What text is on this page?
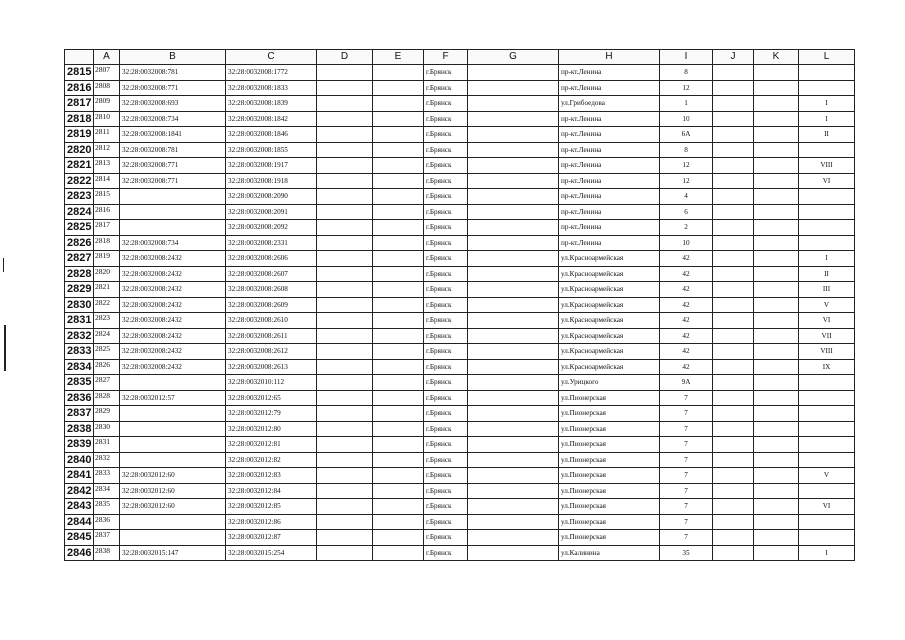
	A	B	C	D	E	F	G	H	I	J	K	L
2815	2807	32:28:0032008:781	32:28:0032008:1772			г.Брянск		пр-кт.Ленина	8			
2816	2808	32:28:0032008:771	32:28:0032008:1833			г.Брянск		пр-кт.Ленина	12			
2817	2809	32:28:0032008:693	32:28:0032008:1839			г.Брянск		ул.Грибоедова	1			I
2818	2810	32:28:0032008:734	32:28:0032008:1842			г.Брянск		пр-кт.Ленина	10			I
2819	2811	32:28:0032008:1841	32:28:0032008:1846			г.Брянск		пр-кт.Ленина	6А			II
2820	2812	32:28:0032008:781	32:28:0032008:1855			г.Брянск		пр-кт.Ленина	8			
2821	2813	32:28:0032008:771	32:28:0032008:1917			г.Брянск		пр-кт.Ленина	12			VIII
2822	2814	32:28:0032008:771	32:28:0032008:1918			г.Брянск		пр-кт.Ленина	12			VI
2823	2815		32:28:0032008:2090			г.Брянск		пр-кт.Ленина	4			
2824	2816		32:28:0032008:2091			г.Брянск		пр-кт.Ленина	6			
2825	2817		32:28:0032008:2092			г.Брянск		пр-кт.Ленина	2			
2826	2818	32:28:0032008:734	32:28:0032008:2331			г.Брянск		пр-кт.Ленина	10			
2827	2819	32:28:0032008:2432	32:28:0032008:2606			г.Брянск		ул.Красноармейская	42			I
2828	2820	32:28:0032008:2432	32:28:0032008:2607			г.Брянск		ул.Красноармейская	42			II
2829	2821	32:28:0032008:2432	32:28:0032008:2608			г.Брянск		ул.Красноармейская	42			III
2830	2822	32:28:0032008:2432	32:28:0032008:2609			г.Брянск		ул.Красноармейская	42			V
2831	2823	32:28:0032008:2432	32:28:0032008:2610			г.Брянск		ул.Красноармейская	42			VI
2832	2824	32:28:0032008:2432	32:28:0032008:2611			г.Брянск		ул.Красноармейская	42			VII
2833	2825	32:28:0032008:2432	32:28:0032008:2612			г.Брянск		ул.Красноармейская	42			VIII
2834	2826	32:28:0032008:2432	32:28:0032008:2613			г.Брянск		ул.Красноармейская	42			IX
2835	2827		32:28:0032010:112			г.Брянск		ул.Урицкого	9А			
2836	2828	32:28:0032012:57	32:28:0032012:65			г.Брянск		ул.Пионерская	7			
2837	2829		32:28:0032012:79			г.Брянск		ул.Пионерская	7			
2838	2830		32:28:0032012:80			г.Брянск		ул.Пионерская	7			
2839	2831		32:28:0032012:81			г.Брянск		ул.Пионерская	7			
2840	2832		32:28:0032012:82			г.Брянск		ул.Пионерская	7			
2841	2833	32:28:0032012:60	32:28:0032012:83			г.Брянск		ул.Пионерская	7			V
2842	2834	32:28:0032012:60	32:28:0032012:84			г.Брянск		ул.Пионерская	7			
2843	2835	32:28:0032012:60	32:28:0032012:85			г.Брянск		ул.Пионерская	7			VI
2844	2836		32:28:0032012:86			г.Брянск		ул.Пионерская	7			
2845	2837		32:28:0032012:87			г.Брянск		ул.Пионерская	7			
2846	2838	32:28:0032015:147	32:28:0032015:254			г.Брянск		ул.Калинина	35			I
